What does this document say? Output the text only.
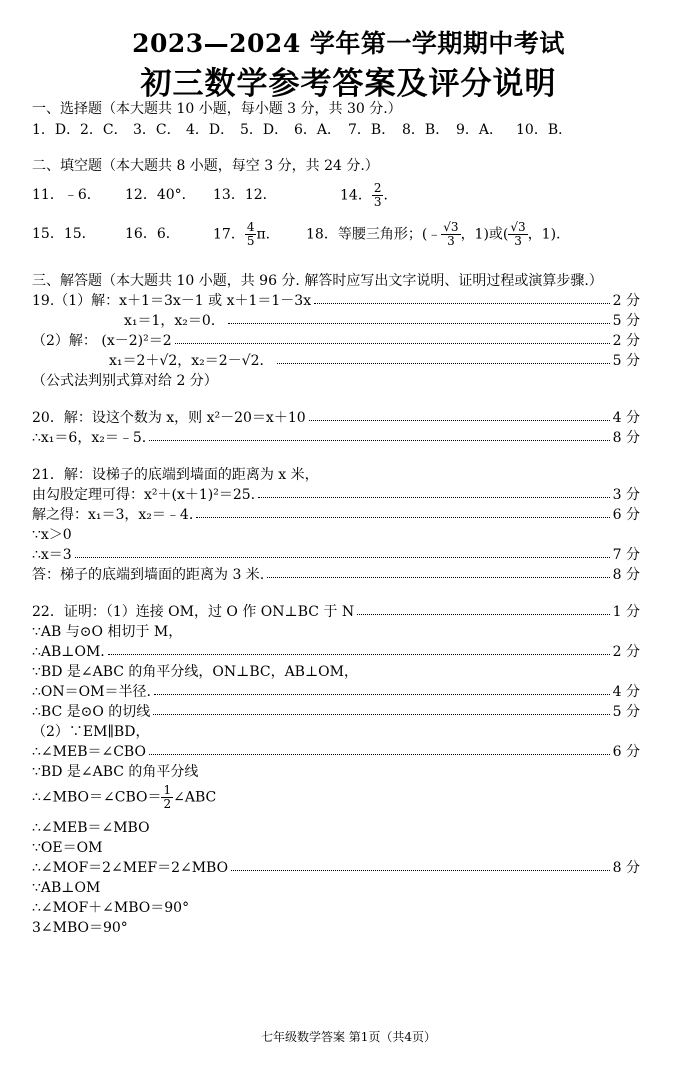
2023—2024 学年第一学期期中考试
初三数学参考答案及评分说明
一、选择题（本大题共 10 小题，每小题 3 分，共 30 分.）
1．D． 2．C． 3．C． 4．D． 5．D． 6．A． 7．B． 8．B． 9．A． 10．B．
二、填空题（本大题共 8 小题，每空 3 分，共 24 分.）
11．﹣6．	12．40°．	13．12．	14． $\frac{2}{3}$ .
15．15．	16．6．	17． $\frac{4}{5} \pi$.	18．等腰三角形；(﹣ $\frac{√3}{3}$ ，1)或( $\frac{√3}{3}$ ，1).
三、解答题（本大题共 10 小题，共 96 分. 解答时应写出文字说明、证明过程或演算步骤.）
19.（1）解：x＋1＝3x－1 或 x＋1＝1－3x	2 分
x₁＝1，x₂＝0．	5 分
（2）解： (x－2)²＝2	2 分
x₁＝2＋√2，x₂＝2－√2．	5 分
（公式法判别式算对给 2 分）
20．解：设这个数为 x，则 x²－20＝x＋10	4 分
∴x₁＝6，x₂＝﹣5.	8 分
21．解：设梯子的底端到墙面的距离为 x 米，
由勾股定理可得：x²＋(x＋1)²＝25.	3 分
解之得：x₁＝3，x₂＝﹣4.	6 分
∵x＞0
∴x＝3	7 分
答：梯子的底端到墙面的距离为 3 米.	8 分
22．证明：（1）连接 OM，过 O 作 ON⊥BC 于 N	1 分
∵AB 与⊙O 相切于 M，
∴AB⊥OM.	2 分
∵BD 是∠ABC 的角平分线，ON⊥BC，AB⊥OM，
∴ON＝OM＝半径.	4 分
∴BC 是⊙O 的切线	5 分
（2）∵EM∥BD，
∴∠MEB＝∠CBO	6 分
∵BD 是∠ABC 的角平分线
∴∠MBO＝∠CBO＝ $\frac{1}{2}$ ∠ABC
∴∠MEB＝∠MBO
∵OE＝OM
∴∠MOF＝2∠MEF＝2∠MBO	8 分
∵AB⊥OM
∴∠MOF＋∠MBO＝90°
3∠MBO＝90°
七年级数学答案 第1页（共4页）
